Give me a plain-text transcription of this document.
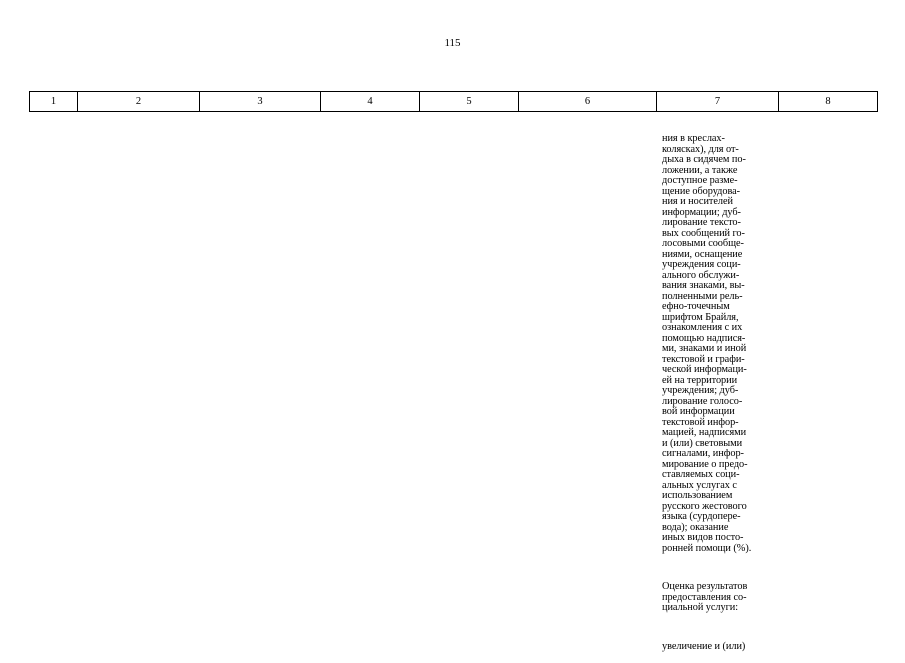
115
1	2	3	4	5	6	7	8

ния в креслах-
колясках), для от-
дыха в сидячем по-
ложении, а также
доступное разме-
щение оборудова-
ния и носителей
информации; дуб-
лирование тексто-
вых сообщений го-
лосовыми сообще-
ниями, оснащение
учреждения соци-
ального обслужи-
вания знаками, вы-
полненными рель-
ефно-точечным
шрифтом Брайля,
ознакомления с их
помощью надпися-
ми, знаками и иной
текстовой и графи-
ческой информаци-
ей на территории
учреждения; дуб-
лирование голосо-
вой информации
текстовой инфор-
мацией, надписями
и (или) световыми
сигналами, инфор-
мирование о предо-
ставляемых соци-
альных услугах с
использованием
русского жестового
языка (сурдопере-
вода); оказание
иных видов посто-
ронней помощи (%).

Оценка результатов
предоставления со-
циальной услуги:

увеличение и (или)
